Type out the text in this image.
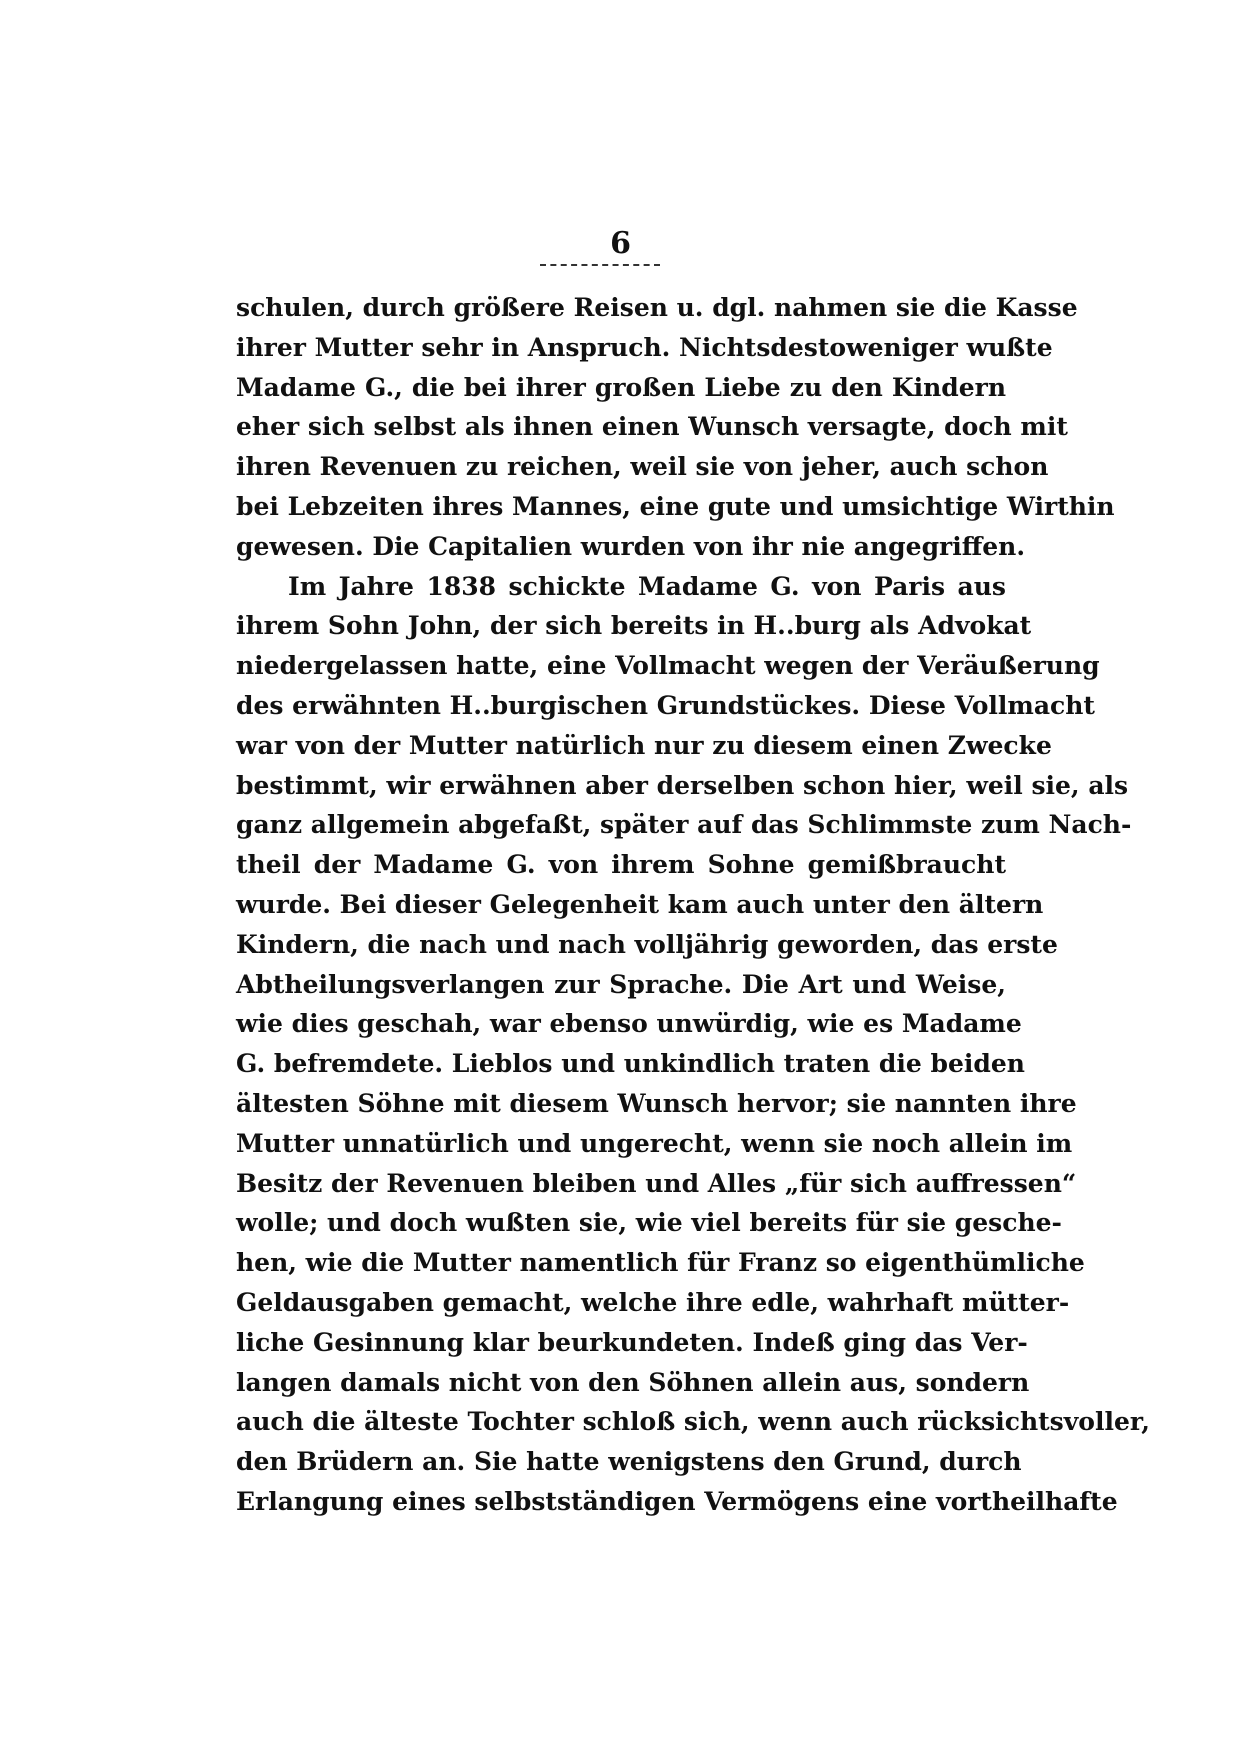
6
schulen, durch größere Reisen u. dgl. nahmen sie die Kasse
ihrer Mutter sehr in Anspruch. Nichtsdestoweniger wußte
Madame G., die bei ihrer großen Liebe zu den Kindern
eher sich selbst als ihnen einen Wunsch versagte, doch mit
ihren Revenuen zu reichen, weil sie von jeher, auch schon
bei Lebzeiten ihres Mannes, eine gute und umsichtige Wirthin
gewesen. Die Capitalien wurden von ihr nie angegriffen.
Im Jahre 1838 schickte Madame G. von Paris aus
ihrem Sohn John, der sich bereits in H..burg als Advokat
niedergelassen hatte, eine Vollmacht wegen der Veräußerung
des erwähnten H..burgischen Grundstückes. Diese Vollmacht
war von der Mutter natürlich nur zu diesem einen Zwecke
bestimmt, wir erwähnen aber derselben schon hier, weil sie, als
ganz allgemein abgefaßt, später auf das Schlimmste zum Nach-
theil der Madame G. von ihrem Sohne gemißbraucht
wurde. Bei dieser Gelegenheit kam auch unter den ältern
Kindern, die nach und nach volljährig geworden, das erste
Abtheilungsverlangen zur Sprache. Die Art und Weise,
wie dies geschah, war ebenso unwürdig, wie es Madame
G. befremdete. Lieblos und unkindlich traten die beiden
ältesten Söhne mit diesem Wunsch hervor; sie nannten ihre
Mutter unnatürlich und ungerecht, wenn sie noch allein im
Besitz der Revenuen bleiben und Alles „für sich auffressen“
wolle; und doch wußten sie, wie viel bereits für sie gesche-
hen, wie die Mutter namentlich für Franz so eigenthümliche
Geldausgaben gemacht, welche ihre edle, wahrhaft mütter-
liche Gesinnung klar beurkundeten. Indeß ging das Ver-
langen damals nicht von den Söhnen allein aus, sondern
auch die älteste Tochter schloß sich, wenn auch rücksichtsvoller,
den Brüdern an. Sie hatte wenigstens den Grund, durch
Erlangung eines selbstständigen Vermögens eine vortheilhafte
